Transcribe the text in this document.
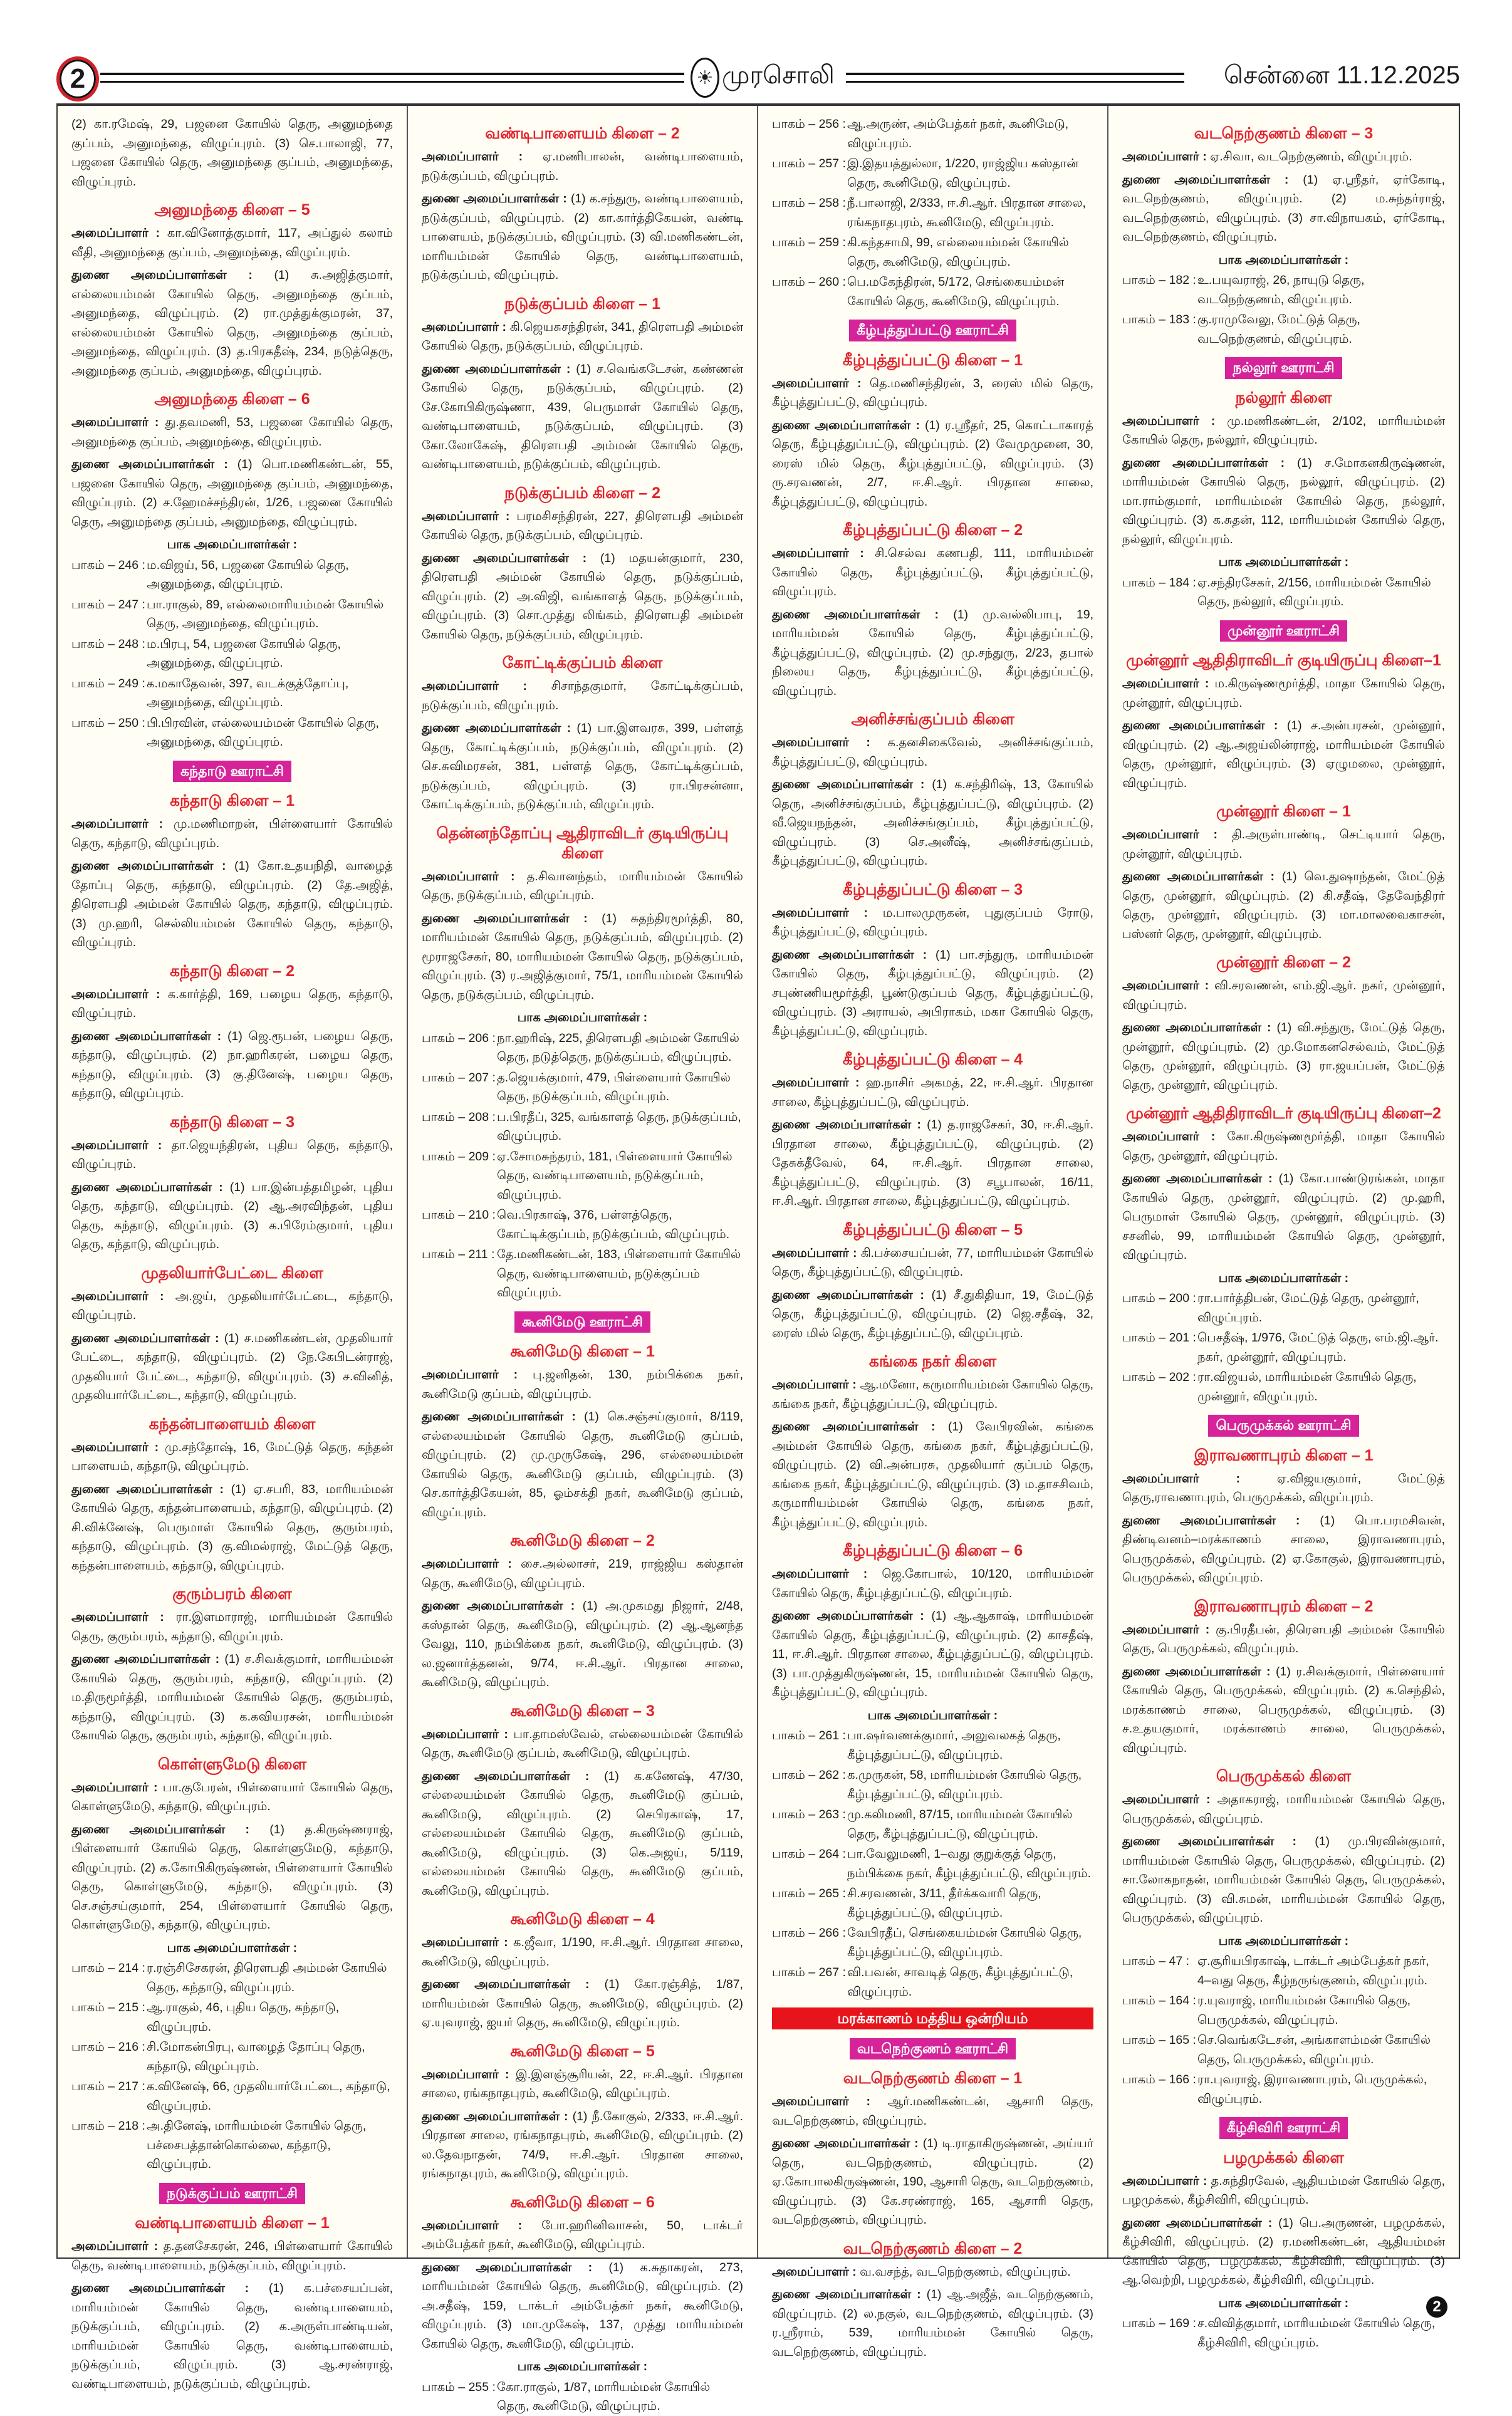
2	☀ முரசொலி	சென்னை 11.12.2025

(2) கா.ரமேஷ், 29, பஜனை கோயில் தெரு, அனுமந்தை குப்பம், அனுமந்தை, விழுப்புரம். (3) செ.பாலாஜி, 77, பஜனை கோயில் தெரு, அனுமந்தை குப்பம், அனுமந்தை, விழுப்புரம்.

அனுமந்தை கிளை – 5

அமைப்பாளர் : கா.வினோத்குமார், 117, அப்துல் கலாம் வீதி, அனுமந்தை குப்பம், அனுமந்தை, விழுப்புரம்.

துணை அமைப்பாளர்கள் : (1) சு.அஜித்குமார், எல்லையம்மன் கோயில் தெரு, அனுமந்தை குப்பம், அனுமந்தை, விழுப்புரம். (2) ரா.முத்துக்குமரன், 37, எல்லையம்மன் கோயில் தெரு, அனுமந்தை குப்பம், அனுமந்தை, விழுப்புரம். (3) த.பிரகதீஷ், 234, நடுத்தெரு, அனுமந்தை குப்பம், அனுமந்தை, விழுப்புரம்.

அனுமந்தை கிளை – 6

அமைப்பாளர் : து.தவமணி, 53, பஜனை கோயில் தெரு, அனுமந்தை குப்பம், அனுமந்தை, விழுப்புரம்.

துணை அமைப்பாளர்கள் : (1) பொ.மணிகண்டன், 55, பஜனை கோயில் தெரு, அனுமந்தை குப்பம், அனுமந்தை, விழுப்புரம். (2) ச.ஹேமச்சந்திரன், 1/26, பஜனை கோயில் தெரு, அனுமந்தை குப்பம், அனுமந்தை, விழுப்புரம்.

பாக அமைப்பாளர்கள் :
பாகம் – 246 : ம.விஜய், 56, பஜனை கோயில் தெரு, அனுமந்தை, விழுப்புரம்.
பாகம் – 247 : பா.ராகுல், 89, எல்லைமாரியம்மன் கோயில் தெரு, அனுமந்தை, விழுப்புரம்.
பாகம் – 248 : ம.பிரபு, 54, பஜனை கோயில் தெரு, அனுமந்தை, விழுப்புரம்.
பாகம் – 249 : க.மகாதேவன், 397, வடக்குத்தோப்பு, அனுமந்தை, விழுப்புரம்.
பாகம் – 250 : பி.பிரவின், எல்லையம்மன் கோயில் தெரு, அனுமந்தை, விழுப்புரம்.
கந்தாடு ஊராட்சி
கந்தாடு கிளை – 1

அமைப்பாளர் : மு.மணிமாறன், பிள்ளையார் கோயில் தெரு, கந்தாடு, விழுப்புரம்.

துணை அமைப்பாளர்கள் : (1) கோ.உதயநிதி, வாழைத் தோப்பு தெரு, கந்தாடு, விழுப்புரம். (2) தே.அஜித், திரௌபதி அம்மன் கோயில் தெரு, கந்தாடு, விழுப்புரம். (3) மு.ஹரி, செல்லியம்மன் கோயில் தெரு, கந்தாடு, விழுப்புரம்.

கந்தாடு கிளை – 2

அமைப்பாளர் : க.கார்த்தி, 169, பழைய தெரு, கந்தாடு, விழுப்புரம்.

துணை அமைப்பாளர்கள் : (1) ஜெ.ரூபன், பழைய தெரு, கந்தாடு, விழுப்புரம். (2) நா.ஹரிகரன், பழைய தெரு, கந்தாடு, விழுப்புரம். (3) கு.தினேஷ், பழைய தெரு, கந்தாடு, விழுப்புரம்.

கந்தாடு கிளை – 3

அமைப்பாளர் : தா.ஜெயந்திரன், புதிய தெரு, கந்தாடு, விழுப்புரம்.

துணை அமைப்பாளர்கள் : (1) பா.இன்பத்தமிழன், புதிய தெரு, கந்தாடு, விழுப்புரம். (2) ஆ.அரவிந்தன், புதிய தெரு, கந்தாடு, விழுப்புரம். (3) க.பிரேம்குமார், புதிய தெரு, கந்தாடு, விழுப்புரம்.

முதலியார்பேட்டை கிளை

அமைப்பாளர் : அ.ஜய், முதலியார்பேட்டை, கந்தாடு, விழுப்புரம்.

துணை அமைப்பாளர்கள் : (1) ச.மணிகண்டன், முதலியார் பேட்டை, கந்தாடு, விழுப்புரம். (2) நே.கேபிடன்ராஜ், முதலியார் பேட்டை, கந்தாடு, விழுப்புரம். (3) ச.வினித், முதலியார்பேட்டை, கந்தாடு, விழுப்புரம்.

கந்தன்பாளையம் கிளை

அமைப்பாளர் : மு.சந்தோஷ், 16, மேட்டுத் தெரு, கந்தன் பாளையம், கந்தாடு, விழுப்புரம்.

துணை அமைப்பாளர்கள் : (1) ஏ.சபரி, 83, மாரியம்மன் கோயில் தெரு, கந்தன்பாளையம், கந்தாடு, விழுப்புரம். (2) சி.விக்னேஷ், பெருமாள் கோயில் தெரு, குரும்பரம், கந்தாடு, விழுப்புரம். (3) கு.விமல்ராஜ், மேட்டுத் தெரு, கந்தன்பாளையம், கந்தாடு, விழுப்புரம்.

குரும்பரம் கிளை

அமைப்பாளர் : ரா.இளமாராஜ், மாரியம்மன் கோயில் தெரு, குரும்பரம், கந்தாடு, விழுப்புரம்.

துணை அமைப்பாளர்கள் : (1) ச.சிவக்குமார், மாரியம்மன் கோயில் தெரு, குரும்பரம், கந்தாடு, விழுப்புரம். (2) ம.திருமூர்த்தி, மாரியம்மன் கோயில் தெரு, குரும்பரம், கந்தாடு, விழுப்புரம். (3) க.கவியரசன், மாரியம்மன் கோயில் தெரு, குரும்பரம், கந்தாடு, விழுப்புரம்.

கொள்ளுமேடு கிளை

அமைப்பாளர் : பா.குபேரன், பிள்ளையார் கோயில் தெரு, கொள்ளுமேடு, கந்தாடு, விழுப்புரம்.

துணை அமைப்பாளர்கள் : (1) த.கிருஷ்ணராஜ், பிள்ளையார் கோயில் தெரு, கொள்ளுமேடு, கந்தாடு, விழுப்புரம். (2) க.கோபிகிருஷ்ணன், பிள்ளையார் கோயில் தெரு, கொள்ளுமேடு, கந்தாடு, விழுப்புரம். (3) செ.சஞ்சய்குமார், 254, பிள்ளையார் கோயில் தெரு, கொள்ளுமேடு, கந்தாடு, விழுப்புரம்.

பாக அமைப்பாளர்கள் :
பாகம் – 214 : ர.ரஞ்சிசேகரன், திரௌபதி அம்மன் கோயில் தெரு, கந்தாடு, விழுப்புரம்.
பாகம் – 215 : ஆ.ராகுல், 46, புதிய தெரு, கந்தாடு, விழுப்புரம்.
பாகம் – 216 : சி.மோகன்பிரபு, வாழைத் தோப்பு தெரு, கந்தாடு, விழுப்புரம்.
பாகம் – 217 : க.வினேஷ், 66, முதலியார்பேட்டை, கந்தாடு, விழுப்புரம்.
பாகம் – 218 : அ.தினேஷ், மாரியம்மன் கோயில் தெரு, பச்சைபத்தான்கொல்லை, கந்தாடு, விழுப்புரம்.
நடுக்குப்பம் ஊராட்சி
வண்டிபாளையம் கிளை – 1

அமைப்பாளர் : த.தனசேகரன், 246, பிள்ளையார் கோயில் தெரு, வண்டிபாளையம், நடுக்குப்பம், விழுப்புரம்.

துணை அமைப்பாளர்கள் : (1) க.பச்சையப்பன், மாரியம்மன் கோயில் தெரு, வண்டிபாளையம், நடுக்குப்பம், விழுப்புரம். (2) க.அருள்பாண்டியன், மாரியம்மன் கோயில் தெரு, வண்டிபாளையம், நடுக்குப்பம், விழுப்புரம். (3) ஆ.சரண்ராஜ், வண்டிபாளையம், நடுக்குப்பம், விழுப்புரம்.

வண்டிபாளையம் கிளை – 2

அமைப்பாளர் : ஏ.மணிபாலன், வண்டிபாளையம், நடுக்குப்பம், விழுப்புரம்.

துணை அமைப்பாளர்கள் : (1) க.சந்துரு, வண்டிபாளையம், நடுக்குப்பம், விழுப்புரம். (2) கா.கார்த்திகேயன், வண்டி பாளையம், நடுக்குப்பம், விழுப்புரம். (3) வி.மணிகண்டன், மாரியம்மன் கோயில் தெரு, வண்டிபாளையம், நடுக்குப்பம், விழுப்புரம்.

நடுக்குப்பம் கிளை – 1

அமைப்பாளர் : கி.ஜெயசுசந்திரன், 341, திரௌபதி அம்மன் கோயில் தெரு, நடுக்குப்பம், விழுப்புரம்.

துணை அமைப்பாளர்கள் : (1) ச.வெங்கடேசன், கண்ணன் கோயில் தெரு, நடுக்குப்பம், விழுப்புரம். (2) சே.கோபிகிருஷ்ணா, 439, பெருமாள் கோயில் தெரு, வண்டிபாளையம், நடுக்குப்பம், விழுப்புரம். (3) கோ.லோகேஷ், திரௌபதி அம்மன் கோயில் தெரு, வண்டிபாளையம், நடுக்குப்பம், விழுப்புரம்.

நடுக்குப்பம் கிளை – 2

அமைப்பாளர் : பரமசிசந்திரன், 227, திரௌபதி அம்மன் கோயில் தெரு, நடுக்குப்பம், விழுப்புரம்.

துணை அமைப்பாளர்கள் : (1) மதயன்குமார், 230, திரௌபதி அம்மன் கோயில் தெரு, நடுக்குப்பம், விழுப்புரம். (2) அ.விஜி, வங்காளத் தெரு, நடுக்குப்பம், விழுப்புரம். (3) சொ.முத்து லிங்கம், திரௌபதி அம்மன் கோயில் தெரு, நடுக்குப்பம், விழுப்புரம்.

கோட்டிக்குப்பம் கிளை

அமைப்பாளர் : சிசாந்தகுமார், கோட்டிக்குப்பம், நடுக்குப்பம், விழுப்புரம்.

துணை அமைப்பாளர்கள் : (1) பா.இளவரசு, 399, பள்ளத் தெரு, கோட்டிக்குப்பம், நடுக்குப்பம், விழுப்புரம். (2) செ.சுவிமரசன், 381, பள்ளத் தெரு, கோட்டிக்குப்பம், நடுக்குப்பம், விழுப்புரம். (3) ரா.பிரசன்னா, கோட்டிக்குப்பம், நடுக்குப்பம், விழுப்புரம்.

தென்னந்தோப்பு ஆதிராவிடர் குடியிருப்பு கிளை

அமைப்பாளர் : த.சிவானந்தம், மாரியம்மன் கோயில் தெரு, நடுக்குப்பம், விழுப்புரம்.

துணை அமைப்பாளர்கள் : (1) சுதந்திரமூர்த்தி, 80, மாரியம்மன் கோயில் தெரு, நடுக்குப்பம், விழுப்புரம். (2) மூராஜசேகர், 80, மாரியம்மன் கோயில் தெரு, நடுக்குப்பம், விழுப்புரம். (3) ர.அஜித்குமார், 75/1, மாரியம்மன் கோயில் தெரு, நடுக்குப்பம், விழுப்புரம்.

பாக அமைப்பாளர்கள் :
பாகம் – 206 : நா.ஹரிஷ், 225, திரௌபதி அம்மன் கோயில் தெரு, நடுத்தெரு, நடுக்குப்பம், விழுப்புரம்.
பாகம் – 207 : த.ஜெயக்குமார், 479, பிள்ளையார் கோயில் தெரு, நடுக்குப்பம், விழுப்புரம்.
பாகம் – 208 : ப.பிரதீப், 325, வங்காளத் தெரு, நடுக்குப்பம், விழுப்புரம்.
பாகம் – 209 : ஏ.சோமசுந்தரம், 181, பிள்ளையார் கோயில் தெரு, வண்டிபாளையம், நடுக்குப்பம், விழுப்புரம்.
பாகம் – 210 : வெ.பிரகாஷ், 376, பள்ளத்தெரு, கோட்டிக்குப்பம், நடுக்குப்பம், விழுப்புரம்.
பாகம் – 211 : தே.மணிகண்டன், 183, பிள்ளையார் கோயில் தெரு, வண்டிபாளையம், நடுக்குப்பம் விழுப்புரம்.
கூனிமேடு ஊராட்சி
கூனிமேடு கிளை – 1

அமைப்பாளர் : பு.ஜனிதன், 130, நம்பிக்கை நகர், கூனிமேடு குப்பம், விழுப்புரம்.

துணை அமைப்பாளர்கள் : (1) கெ.சஞ்சய்குமார், 8/119, எல்லையம்மன் கோயில் தெரு, கூனிமேடு குப்பம், விழுப்புரம். (2) மு.முருகேஷ், 296, எல்லையம்மன் கோயில் தெரு, கூனிமேடு குப்பம், விழுப்புரம். (3) செ.கார்த்திகேயன், 85, ஓம்சக்தி நகர், கூனிமேடு குப்பம், விழுப்புரம்.

கூனிமேடு கிளை – 2

அமைப்பாளர் : சை.அல்லாசர், 219, ராஜ்ஜிய கஸ்தான் தெரு, கூனிமேடு, விழுப்புரம்.

துணை அமைப்பாளர்கள் : (1) அ.முகமது நிஜார், 2/48, கஸ்தான் தெரு, கூனிமேடு, விழுப்புரம். (2) ஆ.ஆனந்த வேலு, 110, நம்பிக்கை நகர், கூனிமேடு, விழுப்புரம். (3) ல.ஜனார்த்தனன், 9/74, ஈ.சி.ஆர். பிரதான சாலை, கூனிமேடு, விழுப்புரம்.

கூனிமேடு கிளை – 3

அமைப்பாளர் : பா.தாமஸ்வேல், எல்லையம்மன் கோயில் தெரு, கூனிமேடு குப்பம், கூனிமேடு, விழுப்புரம்.

துணை அமைப்பாளர்கள் : (1) க.கணேஷ், 47/30, எல்லையம்மன் கோயில் தெரு, கூனிமேடு குப்பம், கூனிமேடு, விழுப்புரம். (2) செபிரகாஷ், 17, எல்லையம்மன் கோயில் தெரு, கூனிமேடு குப்பம், கூனிமேடு, விழுப்புரம். (3) கெ.அஜய், 5/119, எல்லையம்மன் கோயில் தெரு, கூனிமேடு குப்பம், கூனிமேடு, விழுப்புரம்.

கூனிமேடு கிளை – 4

அமைப்பாளர் : க.ஜீவா, 1/190, ஈ.சி.ஆர். பிரதான சாலை, கூனிமேடு, விழுப்புரம்.

துணை அமைப்பாளர்கள் : (1) கோ.ரஞ்சித், 1/87, மாரியம்மன் கோயில் தெரு, கூனிமேடு, விழுப்புரம். (2) ஏ.யுவராஜ், ஐயர் தெரு, கூனிமேடு, விழுப்புரம்.

கூனிமேடு கிளை – 5

அமைப்பாளர் : இ.இளஞ்சூரியன், 22, ஈ.சி.ஆர். பிரதான சாலை, ரங்கநாதபுரம், கூனிமேடு, விழுப்புரம்.

துணை அமைப்பாளர்கள் : (1) நீ.கோகுல், 2/333, ஈ.சி.ஆர். பிரதான சாலை, ரங்கநாதபுரம், கூனிமேடு, விழுப்புரம். (2) ல.தேவநாதன், 74/9, ஈ.சி.ஆர். பிரதான சாலை, ரங்கநாதபுரம், கூனிமேடு, விழுப்புரம்.

கூனிமேடு கிளை – 6

அமைப்பாளர் : போ.ஹரினிவாசன், 50, டாக்டர் அம்பேத்கர் நகர், கூனிமேடு, விழுப்புரம்.

துணை அமைப்பாளர்கள் : (1) க.சுதாகரன், 273, மாரியம்மன் கோயில் தெரு, கூனிமேடு, விழுப்புரம். (2) அ.சதீஷ், 159, டாக்டர் அம்பேத்கர் நகர், கூனிமேடு, விழுப்புரம். (3) மா.முகேஷ், 137, முத்து மாரியம்மன் கோயில் தெரு, கூனிமேடு, விழுப்புரம்.

பாக அமைப்பாளர்கள் :
பாகம் – 255 : கோ.ராகுல், 1/87, மாரியம்மன் கோயில் தெரு, கூனிமேடு, விழுப்புரம்.
பாகம் – 256 : ஆ.அருண், அம்பேத்கர் நகர், கூனிமேடு, விழுப்புரம்.
பாகம் – 257 : இ.இதயத்துல்லா, 1/220, ராஜ்ஜிய கஸ்தான் தெரு, கூனிமேடு, விழுப்புரம்.
பாகம் – 258 : நீ.பாலாஜி, 2/333, ஈ.சி.ஆர். பிரதான சாலை, ரங்கநாதபுரம், கூனிமேடு, விழுப்புரம்.
பாகம் – 259 : கி.கந்தசாமி, 99, எல்லையம்மன் கோயில் தெரு, கூனிமேடு, விழுப்புரம்.
பாகம் – 260 : பெ.மகேந்திரன், 5/172, செங்கையம்மன் கோயில் தெரு, கூனிமேடு, விழுப்புரம்.
கீழ்புத்துப்பட்டு ஊராட்சி
கீழ்புத்துப்பட்டு கிளை – 1

அமைப்பாளர் : தெ.மணிசந்திரன், 3, ரைஸ் மில் தெரு, கீழ்புத்துப்பட்டு, விழுப்புரம்.

துணை அமைப்பாளர்கள் : (1) ர.ஸ்ரீதர், 25, கொட்டாகாரத் தெரு, கீழ்புத்துப்பட்டு, விழுப்புரம். (2) வேமுமுனை, 30, ரைஸ் மில் தெரு, கீழ்புத்துப்பட்டு, விழுப்புரம். (3) ரு.சரவணன், 2/7, ஈ.சி.ஆர். பிரதான சாலை, கீழ்புத்துப்பட்டு, விழுப்புரம்.

கீழ்புத்துப்பட்டு கிளை – 2

அமைப்பாளர் : சி.செல்வ கணபதி, 111, மாரியம்மன் கோயில் தெரு, கீழ்புத்துப்பட்டு, கீழ்புத்துப்பட்டு, விழுப்புரம்.

துணை அமைப்பாளர்கள் : (1) மு.வல்லிபாபு, 19, மாரியம்மன் கோயில் தெரு, கீழ்புத்துப்பட்டு, கீழ்புத்துப்பட்டு, விழுப்புரம். (2) மு.சந்துரு, 2/23, தபால் நிலைய தெரு, கீழ்புத்துப்பட்டு, கீழ்புத்துப்பட்டு, விழுப்புரம்.

அனிச்சங்குப்பம் கிளை

அமைப்பாளர் : க.தனசிகைவேல், அனிச்சங்குப்பம், கீழ்புத்துப்பட்டு, விழுப்புரம்.

துணை அமைப்பாளர்கள் : (1) க.சந்திரிஷ், 13, கோயில் தெரு, அனிச்சங்குப்பம், கீழ்புத்துப்பட்டு, விழுப்புரம். (2) வீ.ஜெயநந்தன், அனிச்சங்குப்பம், கீழ்புத்துப்பட்டு, விழுப்புரம். (3) செ.அனீஷ், அனிச்சங்குப்பம், கீழ்புத்துப்பட்டு, விழுப்புரம்.

கீழ்புத்துப்பட்டு கிளை – 3

அமைப்பாளர் : ம.பாலமுருகன், புதுகுப்பம் ரோடு, கீழ்புத்துப்பட்டு, விழுப்புரம்.

துணை அமைப்பாளர்கள் : (1) பா.சந்துரு, மாரியம்மன் கோயில் தெரு, கீழ்புத்துப்பட்டு, விழுப்புரம். (2) சபுண்ணியமூர்த்தி, பூண்டுகுப்பம் தெரு, கீழ்புத்துப்பட்டு, விழுப்புரம். (3) அராயல், அபிராகம், மகா கோயில் தெரு, கீழ்புத்துப்பட்டு, விழுப்புரம்.

கீழ்புத்துப்பட்டு கிளை – 4

அமைப்பாளர் : ஹ.நாசிர் அகமத், 22, ஈ.சி.ஆர். பிரதான சாலை, கீழ்புத்துப்பட்டு, விழுப்புரம்.

துணை அமைப்பாளர்கள் : (1) த.ராஜசேகர், 30, ஈ.சி.ஆர். பிரதான சாலை, கீழ்புத்துப்பட்டு, விழுப்புரம். (2) தேசுக்தீவேல், 64, ஈ.சி.ஆர். பிரதான சாலை, கீழ்புத்துப்பட்டு, விழுப்புரம். (3) சபூபாலன், 16/11, ஈ.சி.ஆர். பிரதான சாலை, கீழ்புத்துப்பட்டு, விழுப்புரம்.

கீழ்புத்துப்பட்டு கிளை – 5

அமைப்பாளர் : கி.பச்சையப்பன், 77, மாரியம்மன் கோயில் தெரு, கீழ்புத்துப்பட்டு, விழுப்புரம்.

துணை அமைப்பாளர்கள் : (1) சீ.துகிதியா, 19, மேட்டுத் தெரு, கீழ்புத்துப்பட்டு, விழுப்புரம். (2) ஜெ.சதீஷ், 32, ரைஸ் மில் தெரு, கீழ்புத்துப்பட்டு, விழுப்புரம்.

கங்கை நகர் கிளை

அமைப்பாளர் : ஆ.மனோ, கருமாரியம்மன் கோயில் தெரு, கங்கை நகர், கீழ்புத்துப்பட்டு, விழுப்புரம்.

துணை அமைப்பாளர்கள் : (1) வேபிரவின், கங்கை அம்மன் கோயில் தெரு, கங்கை நகர், கீழ்புத்துப்பட்டு, விழுப்புரம். (2) வி.அன்பரசு, முதலியார் குப்பம் தெரு, கங்கை நகர், கீழ்புத்துப்பட்டு, விழுப்புரம். (3) ம.தாசசிவம், கருமாரியம்மன் கோயில் தெரு, கங்கை நகர், கீழ்புத்துப்பட்டு, விழுப்புரம்.

கீழ்புத்துப்பட்டு கிளை – 6

அமைப்பாளர் : ஜெ.கோபால், 10/120, மாரியம்மன் கோயில் தெரு, கீழ்புத்துப்பட்டு, விழுப்புரம்.

துணை அமைப்பாளர்கள் : (1) ஆ.ஆகாஷ், மாரியம்மன் கோயில் தெரு, கீழ்புத்துப்பட்டு, விழுப்புரம். (2) காசதீஷ், 11, ஈ.சி.ஆர். பிரதான சாலை, கீழ்புத்துப்பட்டு, விழுப்புரம். (3) பா.முத்துகிருஷ்ணன், 15, மாரியம்மன் கோயில் தெரு, கீழ்புத்துப்பட்டு, விழுப்புரம்.

பாக அமைப்பாளர்கள் :
பாகம் – 261 : பா.ஷர்வணக்குமார், அலுவலகத் தெரு, கீழ்புத்துப்பட்டு, விழுப்புரம்.
பாகம் – 262 : க.முருகன், 58, மாரியம்மன் கோயில் தெரு, கீழ்புத்துப்பட்டு, விழுப்புரம்.
பாகம் – 263 : மு.கலிமணி, 87/15, மாரியம்மன் கோயில் தெரு, கீழ்புத்துப்பட்டு, விழுப்புரம்.
பாகம் – 264 : பா.வேலுமணி, 1–வது குறுக்குத் தெரு, நம்பிக்கை நகர், கீழ்புத்துப்பட்டு, விழுப்புரம்.
பாகம் – 265 : சி.சரவணன், 3/11, தீர்க்கவாரி தெரு, கீழ்புத்துப்பட்டு, விழுப்புரம்.
பாகம் – 266 : வேபிரதீப், செங்கையம்மன் கோயில் தெரு, கீழ்புத்துப்பட்டு, விழுப்புரம்.
பாகம் – 267 : வி.பவன், சாவடித் தெரு, கீழ்புத்துப்பட்டு, விழுப்புரம்.
மரக்காணம் மத்திய ஒன்றியம்
வடநெற்குணம் ஊராட்சி
வடநெற்குணம் கிளை – 1

அமைப்பாளர் : ஆர்.மணிகண்டன், ஆசாரி தெரு, வடநெற்குணம், விழுப்புரம்.

துணை அமைப்பாளர்கள் : (1) டி.ராதாகிருஷ்ணன், அய்யர் தெரு, வடநெற்குணம், விழுப்புரம். (2) ஏ.கோபாலகிருஷ்ணன், 190, ஆசாரி தெரு, வடநெற்குணம், விழுப்புரம். (3) கே.சரண்ராஜ், 165, ஆசாரி தெரு, வடநெற்குணம், விழுப்புரம்.

வடநெற்குணம் கிளை – 2

அமைப்பாளர் : வ.வசந்த், வடநெற்குணம், விழுப்புரம்.

துணை அமைப்பாளர்கள் : (1) ஆ.அஜீத், வடநெற்குணம், விழுப்புரம். (2) ல.நகுல், வடநெற்குணம், விழுப்புரம். (3) ர.ஸ்ரீராம், 539, மாரியம்மன் கோயில் தெரு, வடநெற்குணம், விழுப்புரம்.

வடநெற்குணம் கிளை – 3

அமைப்பாளர் : ஏ.சிவா, வடநெற்குணம், விழுப்புரம்.

துணை அமைப்பாளர்கள் : (1) ஏ.ஸ்ரீதர், ஏர்கோடி, வடநெற்குணம், விழுப்புரம். (2) ம.சுந்தர்ராஜ், வடநெற்குணம், விழுப்புரம். (3) சா.விநாயகம், ஏர்கோடி, வடநெற்குணம், விழுப்புரம்.

பாக அமைப்பாளர்கள் :
பாகம் – 182 : உ.பயுவராஜ், 26, நாயுடு தெரு, வடநெற்குணம், விழுப்புரம்.
பாகம் – 183 : கு.ராமுவேலு, மேட்டுத் தெரு, வடநெற்குணம், விழுப்புரம்.
நல்லூர் ஊராட்சி
நல்லூர் கிளை

அமைப்பாளர் : மு.மணிகண்டன், 2/102, மாரியம்மன் கோயில் தெரு, நல்லூர், விழுப்புரம்.

துணை அமைப்பாளர்கள் : (1) ச.மோகனகிருஷ்ணன், மாரியம்மன் கோயில் தெரு, நல்லூர், விழுப்புரம். (2) மா.ராம்குமார், மாரியம்மன் கோயில் தெரு, நல்லூர், விழுப்புரம். (3) க.சுதன், 112, மாரியம்மன் கோயில் தெரு, நல்லூர், விழுப்புரம்.

பாக அமைப்பாளர்கள் :
பாகம் – 184 : ஏ.சந்திரசேகர், 2/156, மாரியம்மன் கோயில் தெரு, நல்லூர், விழுப்புரம்.
முன்னூர் ஊராட்சி
முன்னூர் ஆதிதிராவிடர் குடியிருப்பு கிளை–1

அமைப்பாளர் : ம.கிருஷ்ணமூர்த்தி, மாதா கோயில் தெரு, முன்னூர், விழுப்புரம்.

துணை அமைப்பாளர்கள் : (1) ச.அன்பரசன், முன்னூர், விழுப்புரம். (2) ஆ.அஜய்லின்ராஜ், மாரியம்மன் கோயில் தெரு, முன்னூர், விழுப்புரம். (3) ஏழுமலை, முன்னூர், விழுப்புரம்.

முன்னூர் கிளை – 1

அமைப்பாளர் : தி.அருள்பாண்டி, செட்டியார் தெரு, முன்னூர், விழுப்புரம்.

துணை அமைப்பாளர்கள் : (1) வெ.துஷாந்தன், மேட்டுத் தெரு, முன்னூர், விழுப்புரம். (2) கி.சதீஷ், தேவேந்திரர் தெரு, முன்னூர், விழுப்புரம். (3) மா.மாலவைகாசன், பஸ்னர் தெரு, முன்னூர், விழுப்புரம்.

முன்னூர் கிளை – 2

அமைப்பாளர் : வி.சரவணன், எம்.ஜி.ஆர். நகர், முன்னூர், விழுப்புரம்.

துணை அமைப்பாளர்கள் : (1) வி.சந்துரு, மேட்டுத் தெரு, முன்னூர், விழுப்புரம். (2) மு.மோகனசெல்வம், மேட்டுத் தெரு, முன்னூர், விழுப்புரம். (3) ரா.ஜயப்பன், மேட்டுத் தெரு, முன்னூர், விழுப்புரம்.

முன்னூர் ஆதிதிராவிடர் குடியிருப்பு கிளை–2

அமைப்பாளர் : கோ.கிருஷ்ணமூர்த்தி, மாதா கோயில் தெரு, முன்னூர், விழுப்புரம்.

துணை அமைப்பாளர்கள் : (1) கோ.பாண்டுரங்கன், மாதா கோயில் தெரு, முன்னூர், விழுப்புரம். (2) மு.ஹரி, பெருமாள் கோயில் தெரு, முன்னூர், விழுப்புரம். (3) சசனில், 99, மாரியம்மன் கோயில் தெரு, முன்னூர், விழுப்புரம்.

பாக அமைப்பாளர்கள் :
பாகம் – 200 : ரா.பார்த்திபன், மேட்டுத் தெரு, முன்னூர், விழுப்புரம்.
பாகம் – 201 : பெசதீஷ், 1/976, மேட்டுத் தெரு, எம்.ஜி.ஆர். நகர், முன்னூர், விழுப்புரம்.
பாகம் – 202 : ரா.விஜயல், மாரியம்மன் கோயில் தெரு, முன்னூர், விழுப்புரம்.
பெருமுக்கல் ஊராட்சி
இராவணாபுரம் கிளை – 1

அமைப்பாளர் :	ஏ.விஜயகுமார், மேட்டுத் தெரு,ராவணாபுரம், பெருமுக்கல், விழுப்புரம்.

துணை அமைப்பாளர்கள் : (1) பொ.பரமசிவன், திண்டிவனம்–மரக்காணம் சாலை, இராவணாபுரம், பெருமுக்கல், விழுப்புரம். (2) ஏ.கோகுல், இராவணாபுரம், பெருமுக்கல், விழுப்புரம்.

இராவணாபுரம் கிளை – 2

அமைப்பாளர் : கு.பிரதீபன், திரௌபதி அம்மன் கோயில் தெரு, பெருமுக்கல், விழுப்புரம்.

துணை அமைப்பாளர்கள் : (1) ர.சிவக்குமார், பிள்ளையார் கோயில் தெரு, பெருமுக்கல், விழுப்புரம். (2) க.செந்தில், மரக்காணம் சாலை, பெருமுக்கல், விழுப்புரம். (3) ச.உதயகுமார், மரக்காணம் சாலை, பெருமுக்கல், விழுப்புரம்.

பெருமுக்கல் கிளை

அமைப்பாளர் : அதாகராஜ், மாரியம்மன் கோயில் தெரு, பெருமுக்கல், விழுப்புரம்.

துணை அமைப்பாளர்கள் : (1) மு.பிரவின்குமார், மாரியம்மன் கோயில் தெரு, பெருமுக்கல், விழுப்புரம். (2) சா.லோகநாதன், மாரியம்மன் கோயில் தெரு, பெருமுக்கல், விழுப்புரம். (3) வி.சுமன், மாரியம்மன் கோயில் தெரு, பெருமுக்கல், விழுப்புரம்.

பாக அமைப்பாளர்கள் :
பாகம் – 47 : ஏ.சூரியபிரகாஷ், டாக்டர் அம்பேத்கர் நகர், 4–வது தெரு, கீழ்நருங்குணம், விழுப்புரம்.
பாகம் – 164 : ர.யுவராஜ், மாரியம்மன் கோயில் தெரு, பெருமுக்கல், விழுப்புரம்.
பாகம் – 165 : செ.வெங்கடேசன், அங்காளம்மன் கோயில் தெரு, பெருமுக்கல், விழுப்புரம்.
பாகம் – 166 : ரா.புவராஜ், இராவணாபுரம், பெருமுக்கல், விழுப்புரம்.
கீழ்சிவிரி ஊராட்சி
பழமுக்கல் கிளை

அமைப்பாளர் : த.சுந்திரவேல், ஆதியம்மன் கோயில் தெரு, பழமுக்கல், கீழ்சிவிரி, விழுப்புரம்.

துணை அமைப்பாளர்கள் : (1) பெ.அருணன், பழமுக்கல், கீழ்சிவிரி, விழுப்புரம். (2) ர.மணிகண்டன், ஆதியம்மன் கோயில் தெரு, பழமுக்கல், கீழ்சிவிரி, விழுப்புரம். (3) ஆ.வெற்றி, பழமுக்கல், கீழ்சிவிரி, விழுப்புரம்.

பாக அமைப்பாளர்கள் :
பாகம் – 169 : ச.விவித்குமார், மாரியம்மன் கோயில் தெரு, கீழ்சிவிரி, விழுப்புரம்.
2
